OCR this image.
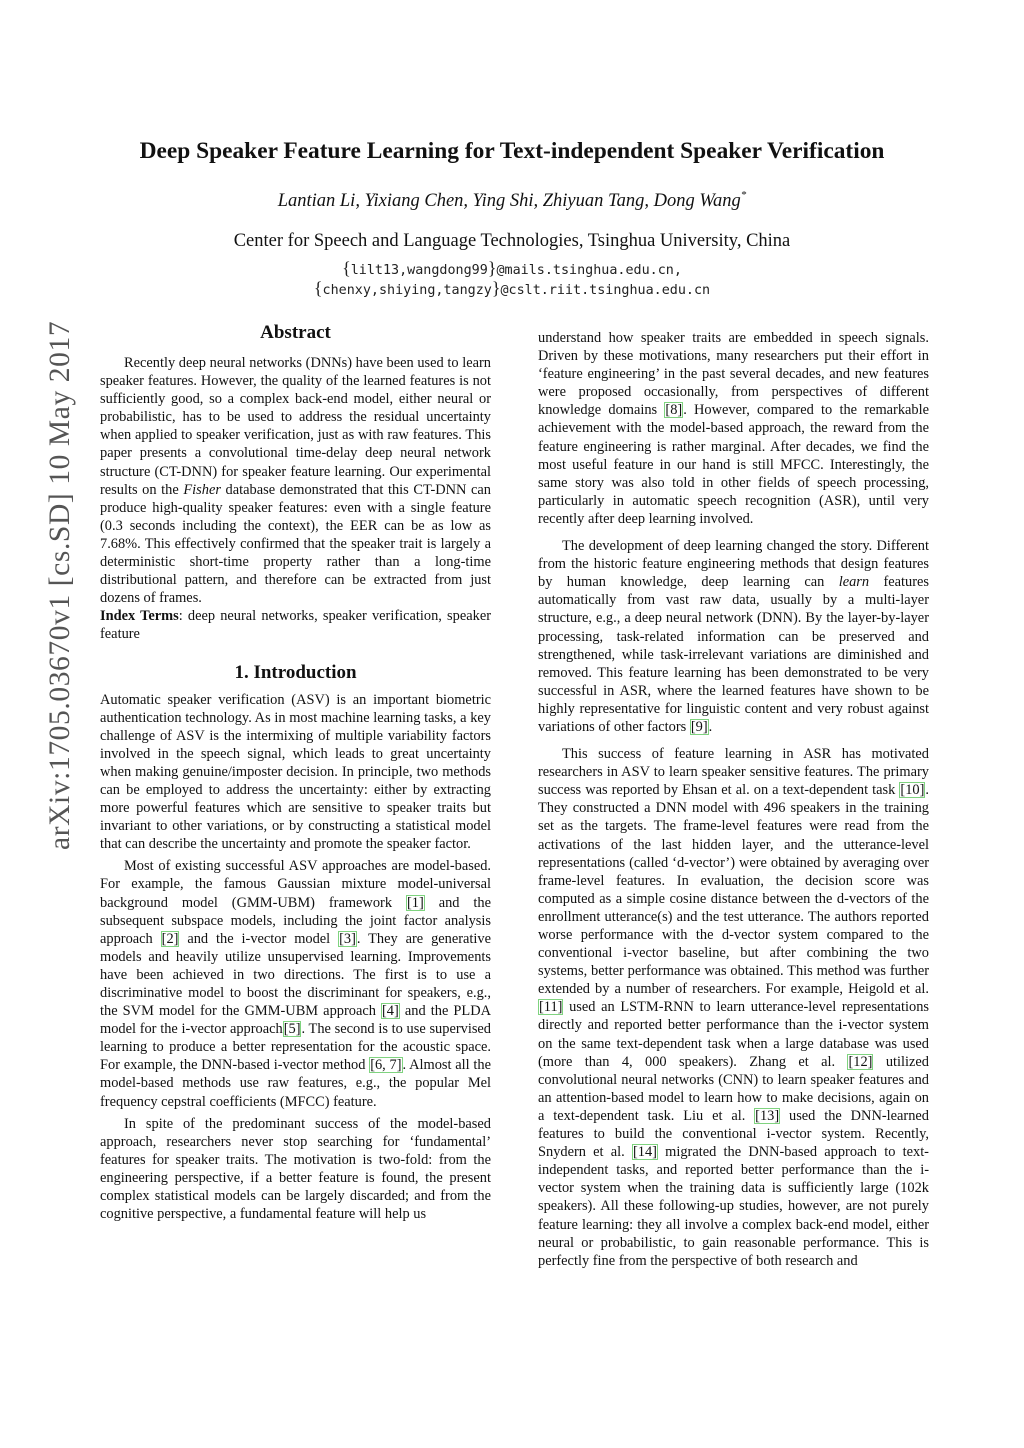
arXiv:1705.03670v1 [cs.SD] 10 May 2017
Deep Speaker Feature Learning for Text-independent Speaker Verification
Lantian Li, Yixiang Chen, Ying Shi, Zhiyuan Tang, Dong Wang*
Center for Speech and Language Technologies, Tsinghua University, China
{lilt13,wangdong99}@mails.tsinghua.edu.cn,
{chenxy,shiying,tangzy}@cslt.riit.tsinghua.edu.cn
Abstract

Recently deep neural networks (DNNs) have been used to learn speaker features. However, the quality of the learned features is not sufficiently good, so a complex back-end model, either neural or probabilistic, has to be used to address the residual uncertainty when applied to speaker verification, just as with raw features. This paper presents a convolutional time-delay deep neural network structure (CT-DNN) for speaker feature learning. Our experimental results on the Fisher database demonstrated that this CT-DNN can produce high-quality speaker features: even with a single feature (0.3 seconds including the context), the EER can be as low as 7.68%. This effectively confirmed that the speaker trait is largely a deterministic short-time property rather than a long-time distributional pattern, and therefore can be extracted from just dozens of frames.

Index Terms: deep neural networks, speaker verification, speaker feature

1. Introduction

Automatic speaker verification (ASV) is an important biometric authentication technology. As in most machine learning tasks, a key challenge of ASV is the intermixing of multiple variability factors involved in the speech signal, which leads to great uncertainty when making genuine/imposter decision. In principle, two methods can be employed to address the uncertainty: either by extracting more powerful features which are sensitive to speaker traits but invariant to other variations, or by constructing a statistical model that can describe the uncertainty and promote the speaker factor.

Most of existing successful ASV approaches are model-based. For example, the famous Gaussian mixture model-universal background model (GMM-UBM) framework [1] and the subsequent subspace models, including the joint factor analysis approach [2] and the i-vector model [3]. They are generative models and heavily utilize unsupervised learning. Improvements have been achieved in two directions. The first is to use a discriminative model to boost the discriminant for speakers, e.g., the SVM model for the GMM-UBM approach [4] and the PLDA model for the i-vector approach[5]. The second is to use supervised learning to produce a better representation for the acoustic space. For example, the DNN-based i-vector method [6, 7]. Almost all the model-based methods use raw features, e.g., the popular Mel frequency cepstral coefficients (MFCC) feature.

In spite of the predominant success of the model-based approach, researchers never stop searching for ‘fundamental’ features for speaker traits. The motivation is two-fold: from the engineering perspective, if a better feature is found, the present complex statistical models can be largely discarded; and from the cognitive perspective, a fundamental feature will help us

understand how speaker traits are embedded in speech signals. Driven by these motivations, many researchers put their effort in ‘feature engineering’ in the past several decades, and new features were proposed occasionally, from perspectives of different knowledge domains [8]. However, compared to the remarkable achievement with the model-based approach, the reward from the feature engineering is rather marginal. After decades, we find the most useful feature in our hand is still MFCC. Interestingly, the same story was also told in other fields of speech processing, particularly in automatic speech recognition (ASR), until very recently after deep learning involved.

The development of deep learning changed the story. Different from the historic feature engineering methods that design features by human knowledge, deep learning can learn features automatically from vast raw data, usually by a multi-layer structure, e.g., a deep neural network (DNN). By the layer-by-layer processing, task-related information can be preserved and strengthened, while task-irrelevant variations are diminished and removed. This feature learning has been demonstrated to be very successful in ASR, where the learned features have shown to be highly representative for linguistic content and very robust against variations of other factors [9].

This success of feature learning in ASR has motivated researchers in ASV to learn speaker sensitive features. The primary success was reported by Ehsan et al. on a text-dependent task [10]. They constructed a DNN model with 496 speakers in the training set as the targets. The frame-level features were read from the activations of the last hidden layer, and the utterance-level representations (called ‘d-vector’) were obtained by averaging over frame-level features. In evaluation, the decision score was computed as a simple cosine distance between the d-vectors of the enrollment utterance(s) and the test utterance. The authors reported worse performance with the d-vector system compared to the conventional i-vector baseline, but after combining the two systems, better performance was obtained. This method was further extended by a number of researchers. For example, Heigold et al. [11] used an LSTM-RNN to learn utterance-level representations directly and reported better performance than the i-vector system on the same text-dependent task when a large database was used (more than 4, 000 speakers). Zhang et al. [12] utilized convolutional neural networks (CNN) to learn speaker features and an attention-based model to learn how to make decisions, again on a text-dependent task. Liu et al. [13] used the DNN-learned features to build the conventional i-vector system. Recently, Snydern et al. [14] migrated the DNN-based approach to text-independent tasks, and reported better performance than the i-vector system when the training data is sufficiently large (102k speakers). All these following-up studies, however, are not purely feature learning: they all involve a complex back-end model, either neural or probabilistic, to gain reasonable performance. This is perfectly fine from the perspective of both research and
